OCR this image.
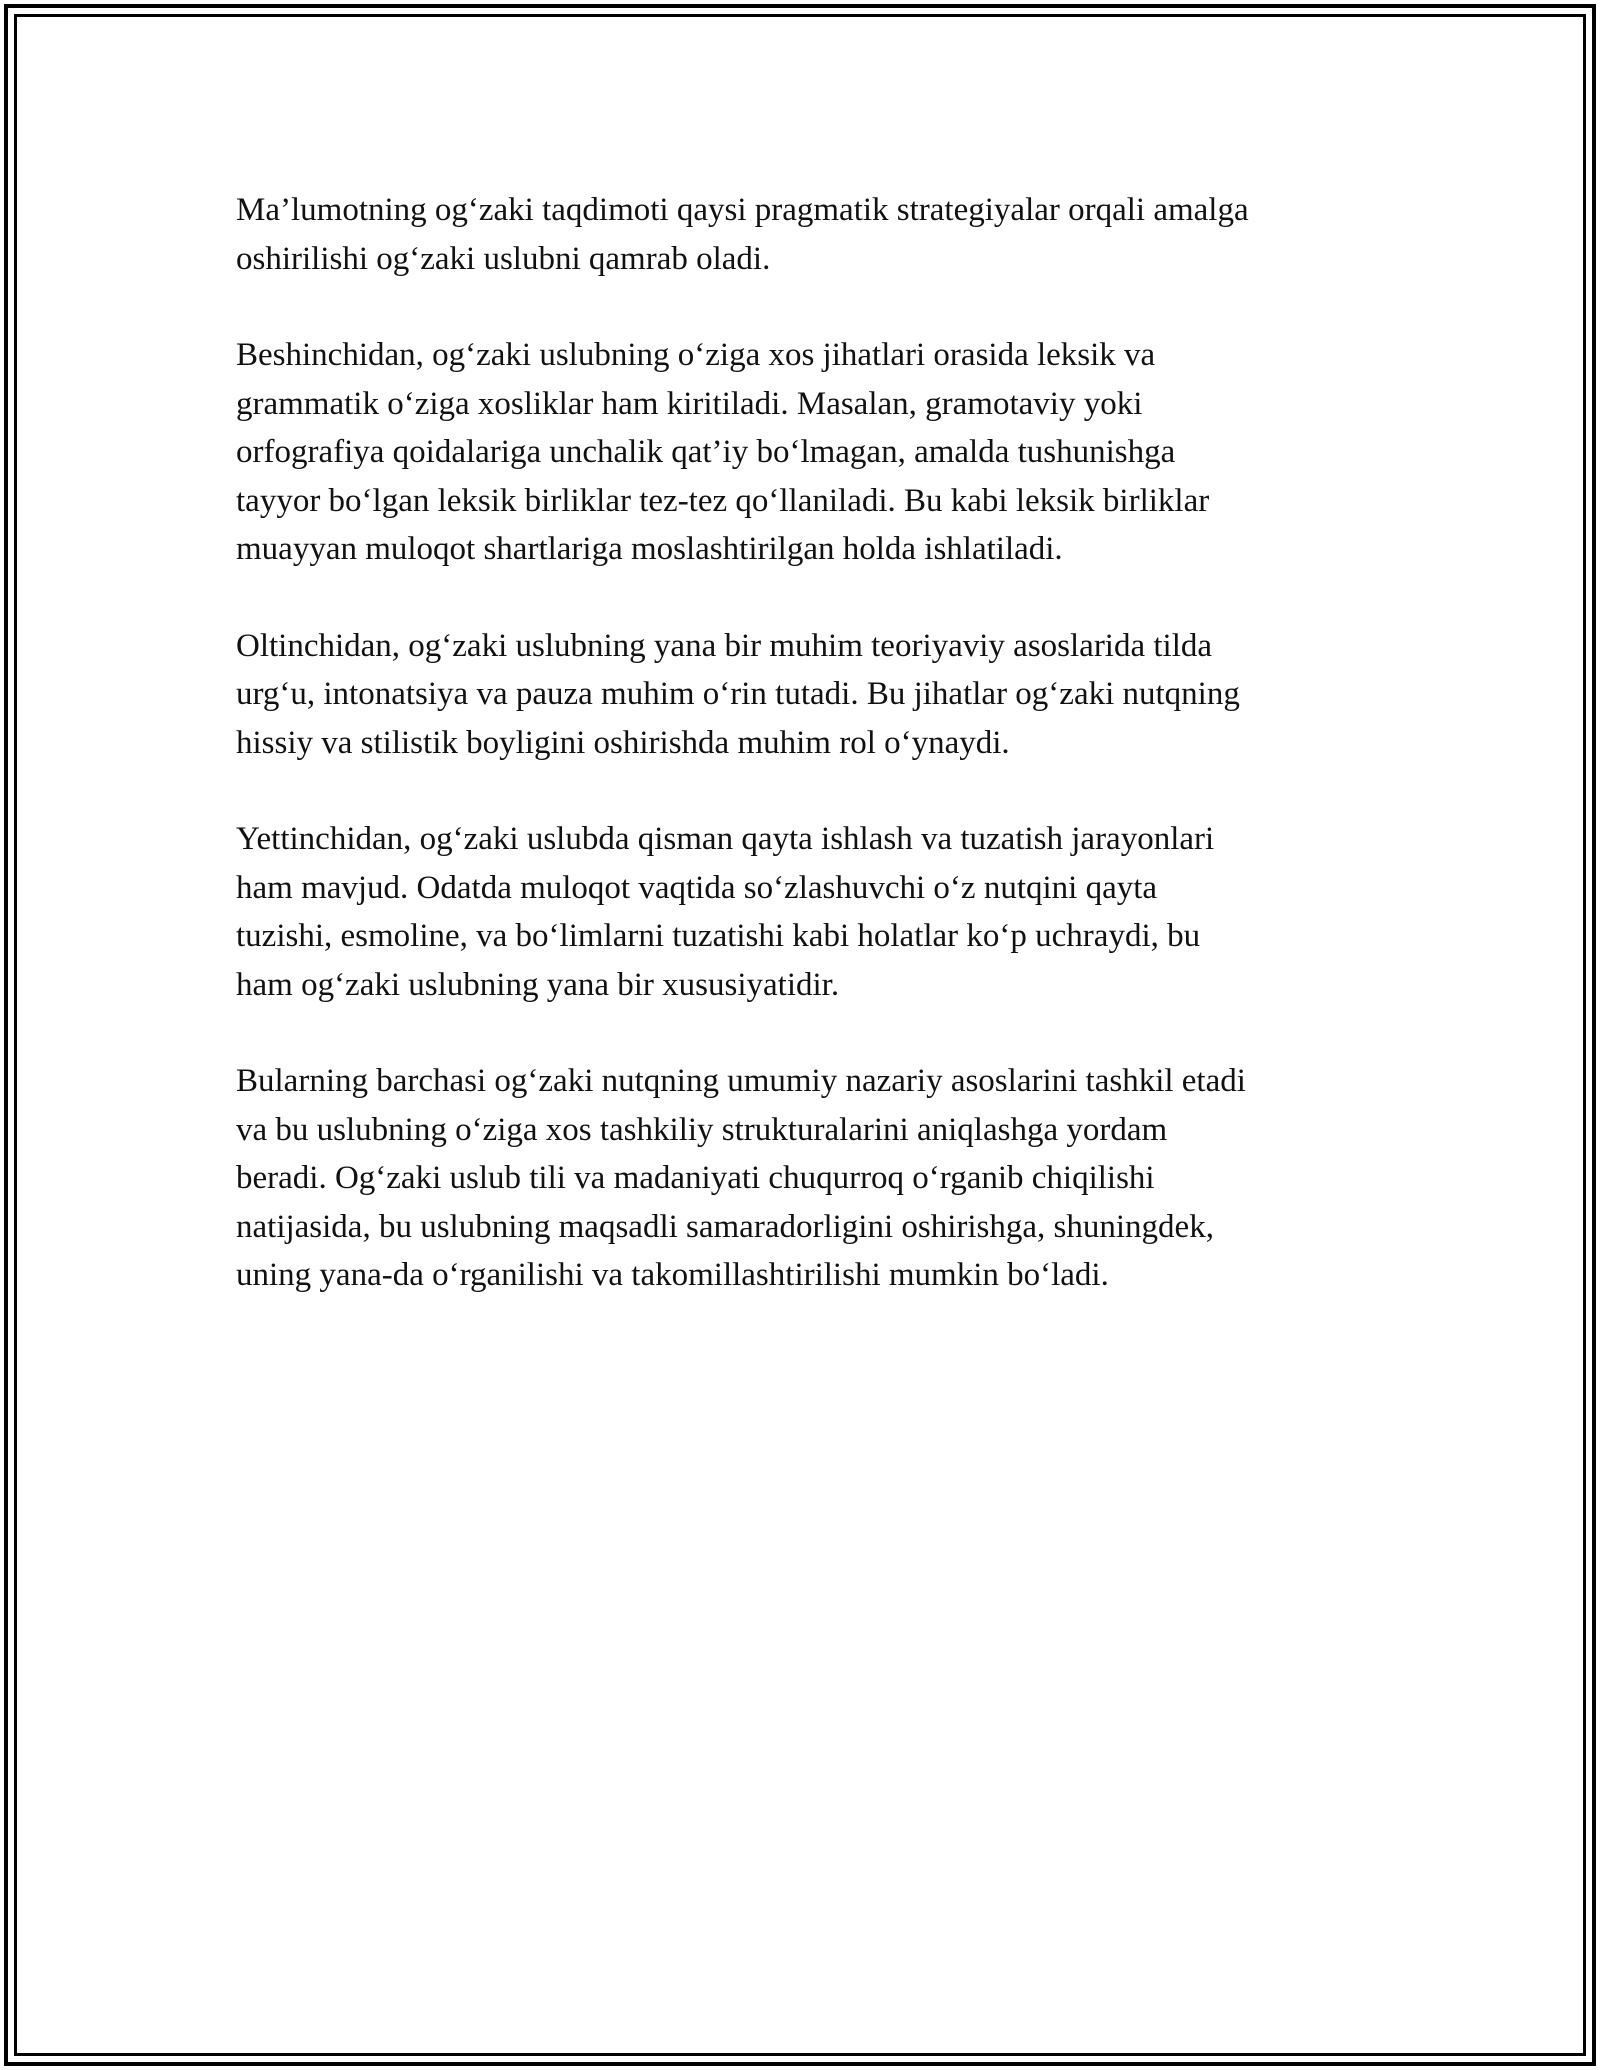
Ma’lumotning og‘zaki taqdimoti qaysi pragmatik strategiyalar orqali amalga
oshirilishi og‘zaki uslubni qamrab oladi.

Beshinchidan, og‘zaki uslubning o‘ziga xos jihatlari orasida leksik va
grammatik o‘ziga xosliklar ham kiritiladi. Masalan, gramotaviy yoki
orfografiya qoidalariga unchalik qat’iy bo‘lmagan, amalda tushunishga
tayyor bo‘lgan leksik birliklar tez-tez qo‘llaniladi. Bu kabi leksik birliklar
muayyan muloqot shartlariga moslashtirilgan holda ishlatiladi.

Oltinchidan, og‘zaki uslubning yana bir muhim teoriyaviy asoslarida tilda
urg‘u, intonatsiya va pauza muhim o‘rin tutadi. Bu jihatlar og‘zaki nutqning
hissiy va stilistik boyligini oshirishda muhim rol o‘ynaydi.

Yettinchidan, og‘zaki uslubda qisman qayta ishlash va tuzatish jarayonlari
ham mavjud. Odatda muloqot vaqtida so‘zlashuvchi o‘z nutqini qayta
tuzishi, esmoline, va bo‘limlarni tuzatishi kabi holatlar ko‘p uchraydi, bu
ham og‘zaki uslubning yana bir xususiyatidir.

Bularning barchasi og‘zaki nutqning umumiy nazariy asoslarini tashkil etadi
va bu uslubning o‘ziga xos tashkiliy strukturalarini aniqlashga yordam
beradi. Og‘zaki uslub tili va madaniyati chuqurroq o‘rganib chiqilishi
natijasida, bu uslubning maqsadli samaradorligini oshirishga, shuningdek,
uning yana-da o‘rganilishi va takomillashtirilishi mumkin bo‘ladi.
